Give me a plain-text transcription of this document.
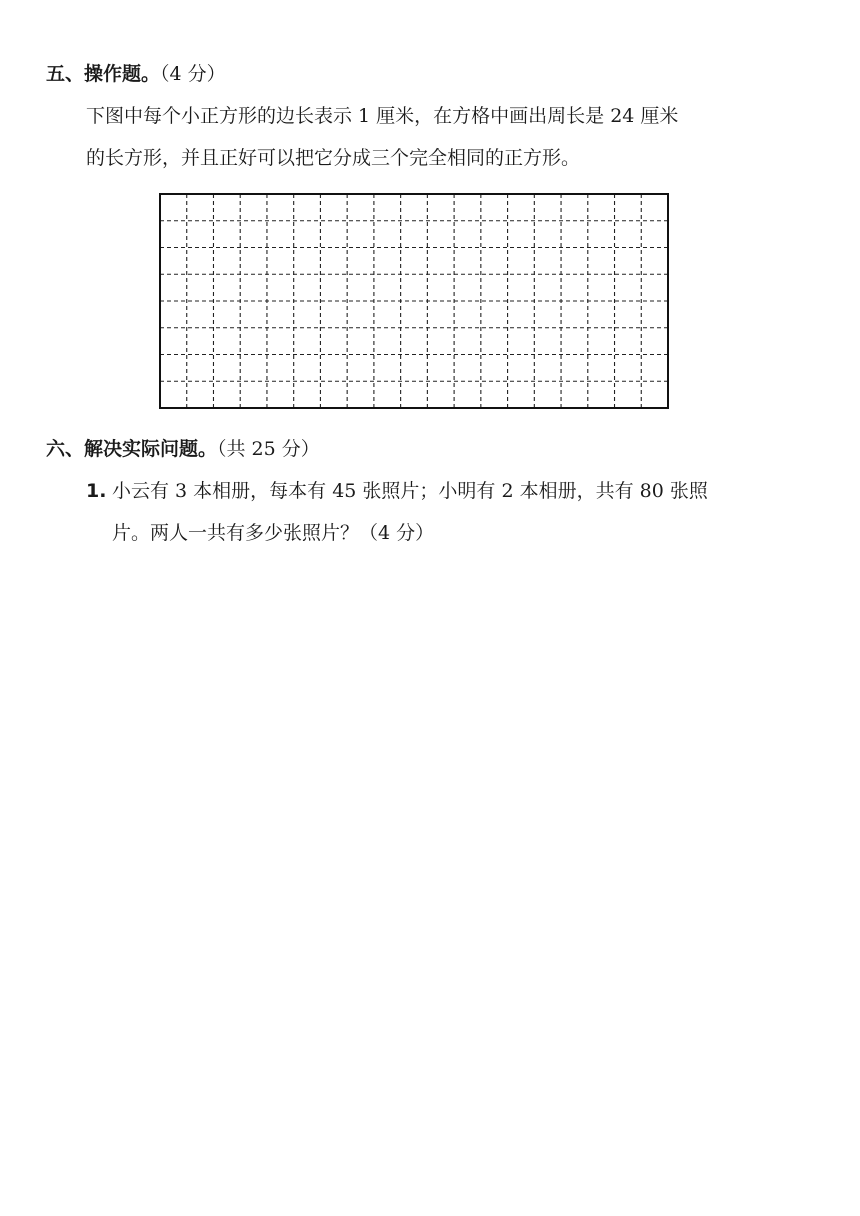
五、操作题。（4 分）
下图中每个小正方形的边长表示 1 厘米，在方格中画出周长是 24 厘米
的长方形，并且正好可以把它分成三个完全相同的正方形。
六、解决实际问题。（共 25 分）
1. 小云有 3 本相册，每本有 45 张照片；小明有 2 本相册，共有 80 张照
片。两人一共有多少张照片？（4 分）
